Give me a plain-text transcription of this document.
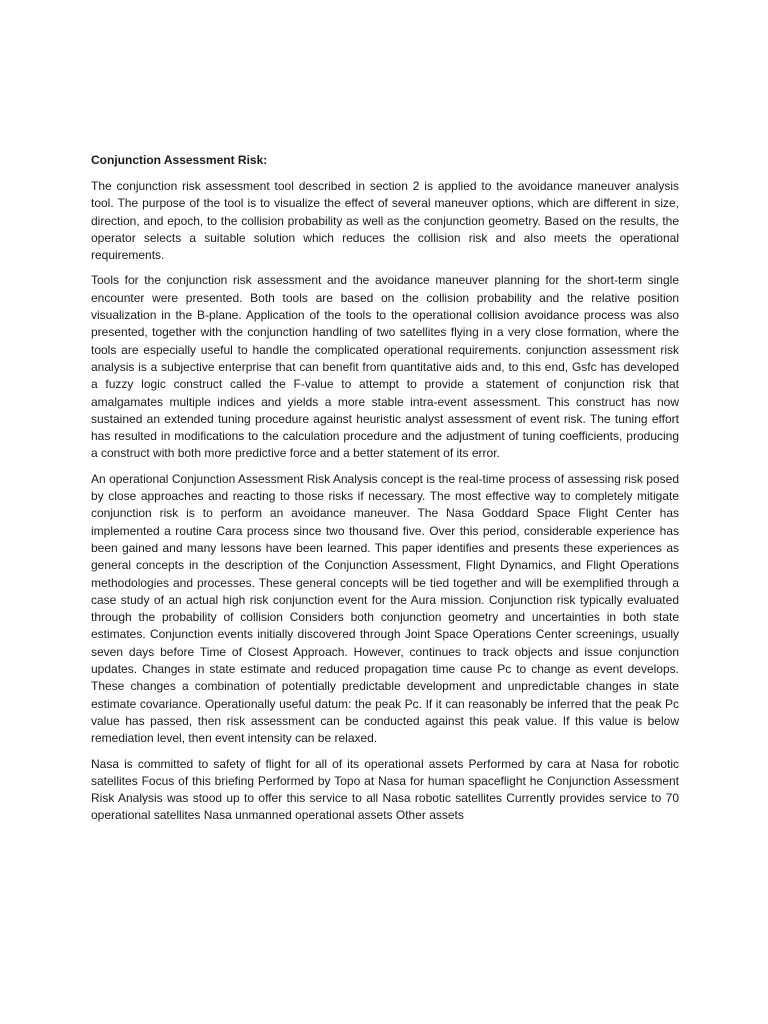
Conjunction Assessment Risk:

The conjunction risk assessment tool described in section 2 is applied to the avoidance maneuver analysis tool. The purpose of the tool is to visualize the effect of several maneuver options, which are different in size, direction, and epoch, to the collision probability as well as the conjunction geometry. Based on the results, the operator selects a suitable solution which reduces the collision risk and also meets the operational requirements.

Tools for the conjunction risk assessment and the avoidance maneuver planning for the short-term single encounter were presented. Both tools are based on the collision probability and the relative position visualization in the B-plane. Application of the tools to the operational collision avoidance process was also presented, together with the conjunction handling of two satellites flying in a very close formation, where the tools are especially useful to handle the complicated operational requirements. conjunction assessment risk analysis is a subjective enterprise that can benefit from quantitative aids and, to this end, Gsfc has developed a fuzzy logic construct called the F-value to attempt to provide a statement of conjunction risk that amalgamates multiple indices and yields a more stable intra-event assessment. This construct has now sustained an extended tuning procedure against heuristic analyst assessment of event risk. The tuning effort has resulted in modifications to the calculation procedure and the adjustment of tuning coefficients, producing a construct with both more predictive force and a better statement of its error.

An operational Conjunction Assessment Risk Analysis concept is the real-time process of assessing risk posed by close approaches and reacting to those risks if necessary. The most effective way to completely mitigate conjunction risk is to perform an avoidance maneuver. The Nasa Goddard Space Flight Center has implemented a routine Cara process since two thousand five. Over this period, considerable experience has been gained and many lessons have been learned. This paper identifies and presents these experiences as general concepts in the description of the Conjunction Assessment, Flight Dynamics, and Flight Operations methodologies and processes. These general concepts will be tied together and will be exemplified through a case study of an actual high risk conjunction event for the Aura mission. Conjunction risk typically evaluated through the probability of collision Considers both conjunction geometry and uncertainties in both state estimates. Conjunction events initially discovered through Joint Space Operations Center screenings, usually seven days before Time of Closest Approach. However, continues to track objects and issue conjunction updates. Changes in state estimate and reduced propagation time cause Pc to change as event develops. These changes a combination of potentially predictable development and unpredictable changes in state estimate covariance. Operationally useful datum: the peak Pc. If it can reasonably be inferred that the peak Pc value has passed, then risk assessment can be conducted against this peak value. If this value is below remediation level, then event intensity can be relaxed.

Nasa is committed to safety of flight for all of its operational assets Performed by cara at Nasa for robotic satellites Focus of this briefing Performed by Topo at Nasa for human spaceflight he Conjunction Assessment Risk Analysis was stood up to offer this service to all Nasa robotic satellites Currently provides service to 70 operational satellites Nasa unmanned operational assets Other assets
